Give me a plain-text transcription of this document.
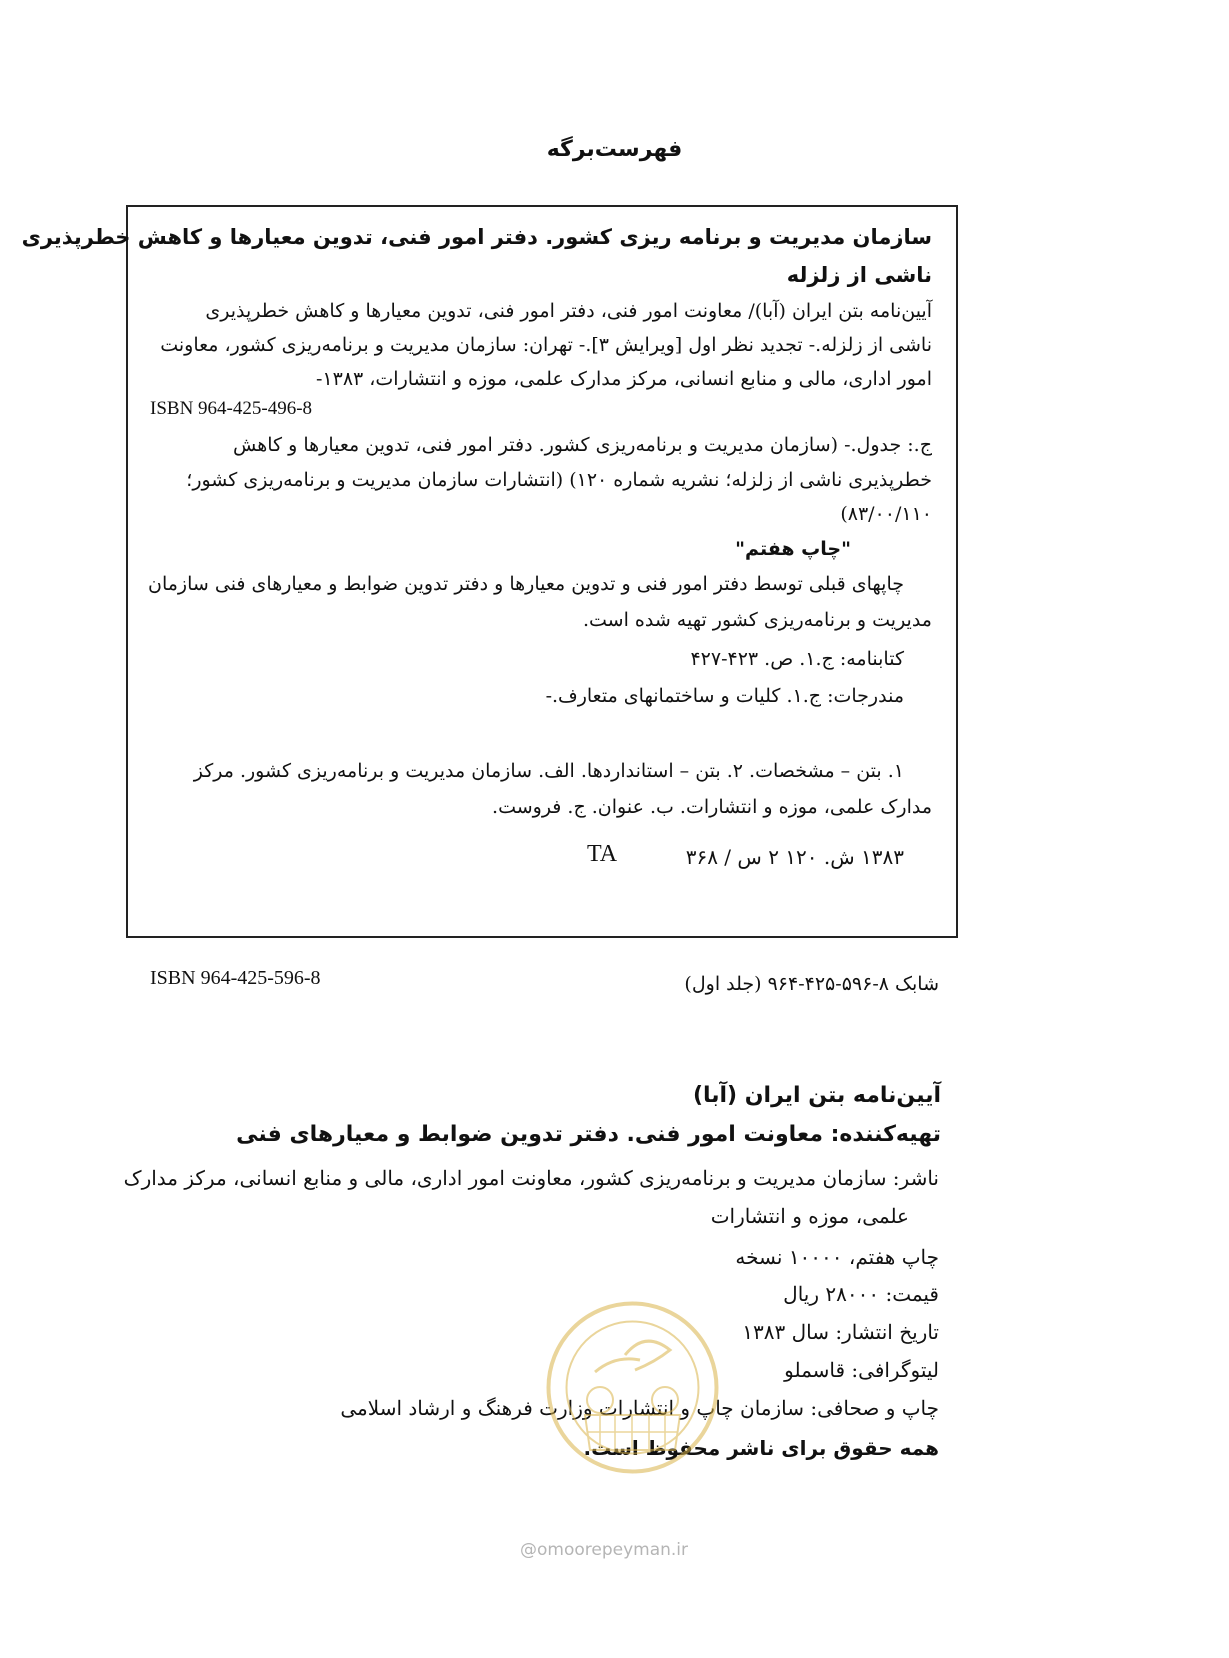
فهرست‌برگه
سازمان مدیریت و برنامه ریزی کشور. دفتر امور فنی، تدوین معیارها و کاهش خطرپذیری
ناشی از زلزله
آیین‌نامه بتن ایران (آبا)/ معاونت امور فنی، دفتر امور فنی، تدوین معیارها و کاهش خطرپذیری
ناشی از زلزله.- تجدید نظر اول [ویرایش ۳].- تهران: سازمان مدیریت و برنامه‌ریزی کشور، معاونت
امور اداری، مالی و منابع انسانی، مرکز مدارک علمی، موزه و انتشارات، ۱۳۸۳-
ISBN 964-425-496-8
ج.: جدول.- (سازمان مدیریت و برنامه‌ریزی کشور. دفتر امور فنی، تدوین معیارها و کاهش
خطرپذیری ناشی از زلزله؛ نشریه شماره ۱۲۰) (انتشارات سازمان مدیریت و برنامه‌ریزی کشور؛
۸۳/۰۰/۱۱۰)
"چاپ هفتم"
چاپهای قبلی توسط دفتر امور فنی و تدوین معیارها و دفتر تدوین ضوابط و معیارهای فنی سازمان
مدیریت و برنامه‌ریزی کشور تهیه شده است.
کتابنامه: ج.۱. ص. ۴۲۳-۴۲۷
مندرجات: ج.۱. کلیات و ساختمانهای متعارف.-
۱. بتن – مشخصات. ۲. بتن – استانداردها. الف. سازمان مدیریت و برنامه‌ریزی کشور. مرکز
مدارک علمی، موزه و انتشارات. ب. عنوان. ج. فروست.
۱۳۸۳ ش. ۱۲۰ ۲ س / ۳۶۸
TA
ISBN 964-425-596-8	شابک ۸-۵۹۶-۴۲۵-۹۶۴ (جلد اول)
آیین‌نامه بتن ایران (آبا)
تهیه‌کننده: معاونت امور فنی. دفتر تدوین ضوابط و معیارهای فنی
ناشر: سازمان مدیریت و برنامه‌ریزی کشور، معاونت امور اداری، مالی و منابع انسانی، مرکز مدارک
علمی، موزه و انتشارات
چاپ هفتم، ۱۰۰۰۰ نسخه
قیمت: ۲۸۰۰۰ ریال
تاریخ انتشار: سال ۱۳۸۳
لیتوگرافی: قاسملو
چاپ و صحافی: سازمان چاپ و انتشارات وزارت فرهنگ و ارشاد اسلامی
همه حقوق برای ناشر محفوظ است.
@omoorepeyman.ir
